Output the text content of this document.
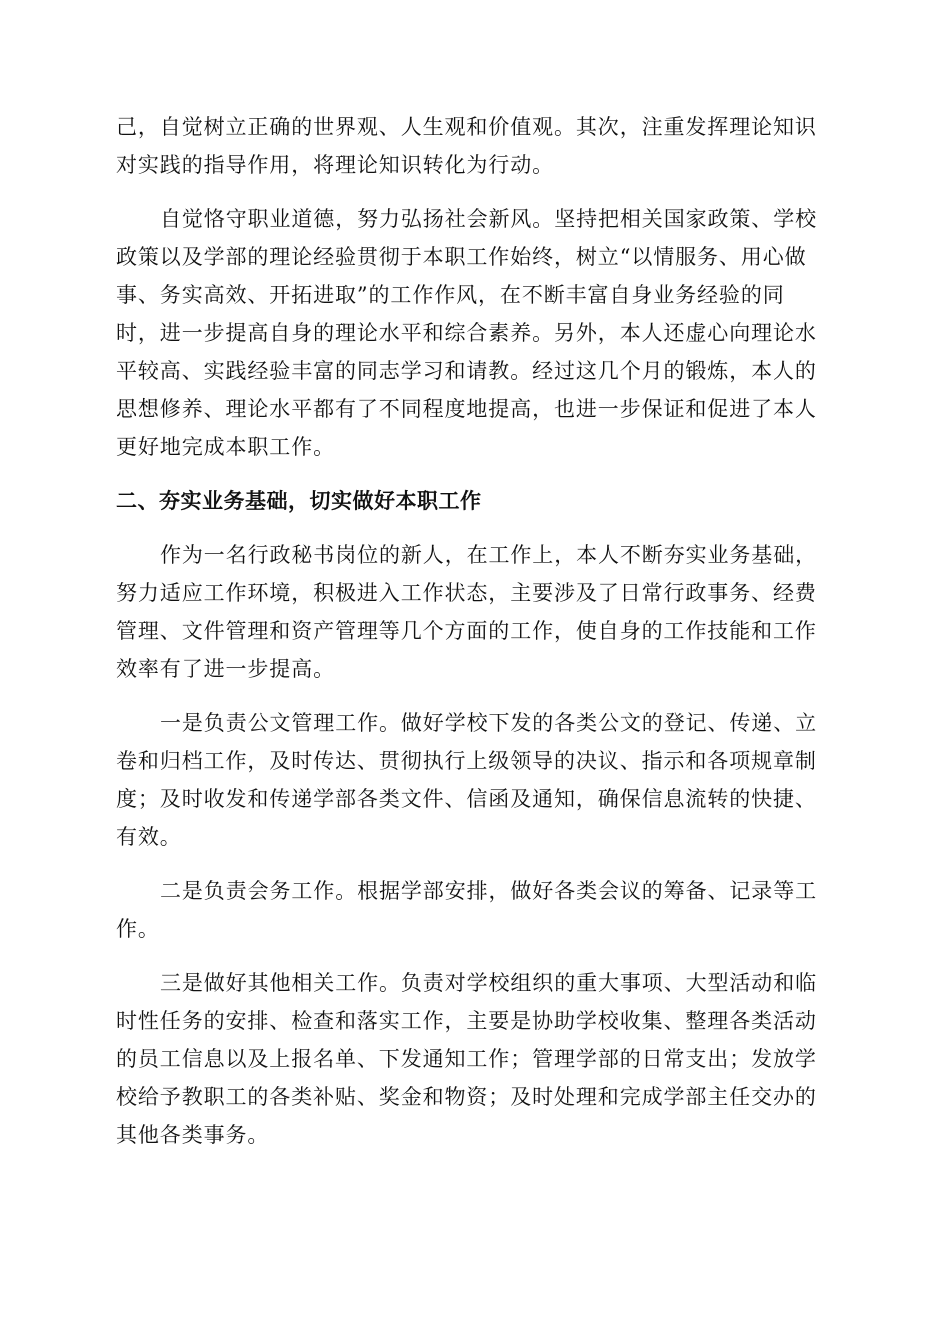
己，自觉树立正确的世界观、人生观和价值观。其次，注重发挥理论知识
对实践的指导作用，将理论知识转化为行动。
自觉恪守职业道德，努力弘扬社会新风。坚持把相关国家政策、学校
政策以及学部的理论经验贯彻于本职工作始终，树立“以情服务、用心做
事、务实高效、开拓进取”的工作作风，在不断丰富自身业务经验的同
时，进一步提高自身的理论水平和综合素养。另外，本人还虚心向理论水
平较高、实践经验丰富的同志学习和请教。经过这几个月的锻炼，本人的
思想修养、理论水平都有了不同程度地提高，也进一步保证和促进了本人
更好地完成本职工作。
二、夯实业务基础，切实做好本职工作
作为一名行政秘书岗位的新人，在工作上，本人不断夯实业务基础，
努力适应工作环境，积极进入工作状态，主要涉及了日常行政事务、经费
管理、文件管理和资产管理等几个方面的工作，使自身的工作技能和工作
效率有了进一步提高。
一是负责公文管理工作。做好学校下发的各类公文的登记、传递、立
卷和归档工作，及时传达、贯彻执行上级领导的决议、指示和各项规章制
度；及时收发和传递学部各类文件、信函及通知，确保信息流转的快捷、
有效。
二是负责会务工作。根据学部安排，做好各类会议的筹备、记录等工
作。
三是做好其他相关工作。负责对学校组织的重大事项、大型活动和临
时性任务的安排、检查和落实工作，主要是协助学校收集、整理各类活动
的员工信息以及上报名单、下发通知工作；管理学部的日常支出；发放学
校给予教职工的各类补贴、奖金和物资；及时处理和完成学部主任交办的
其他各类事务。
